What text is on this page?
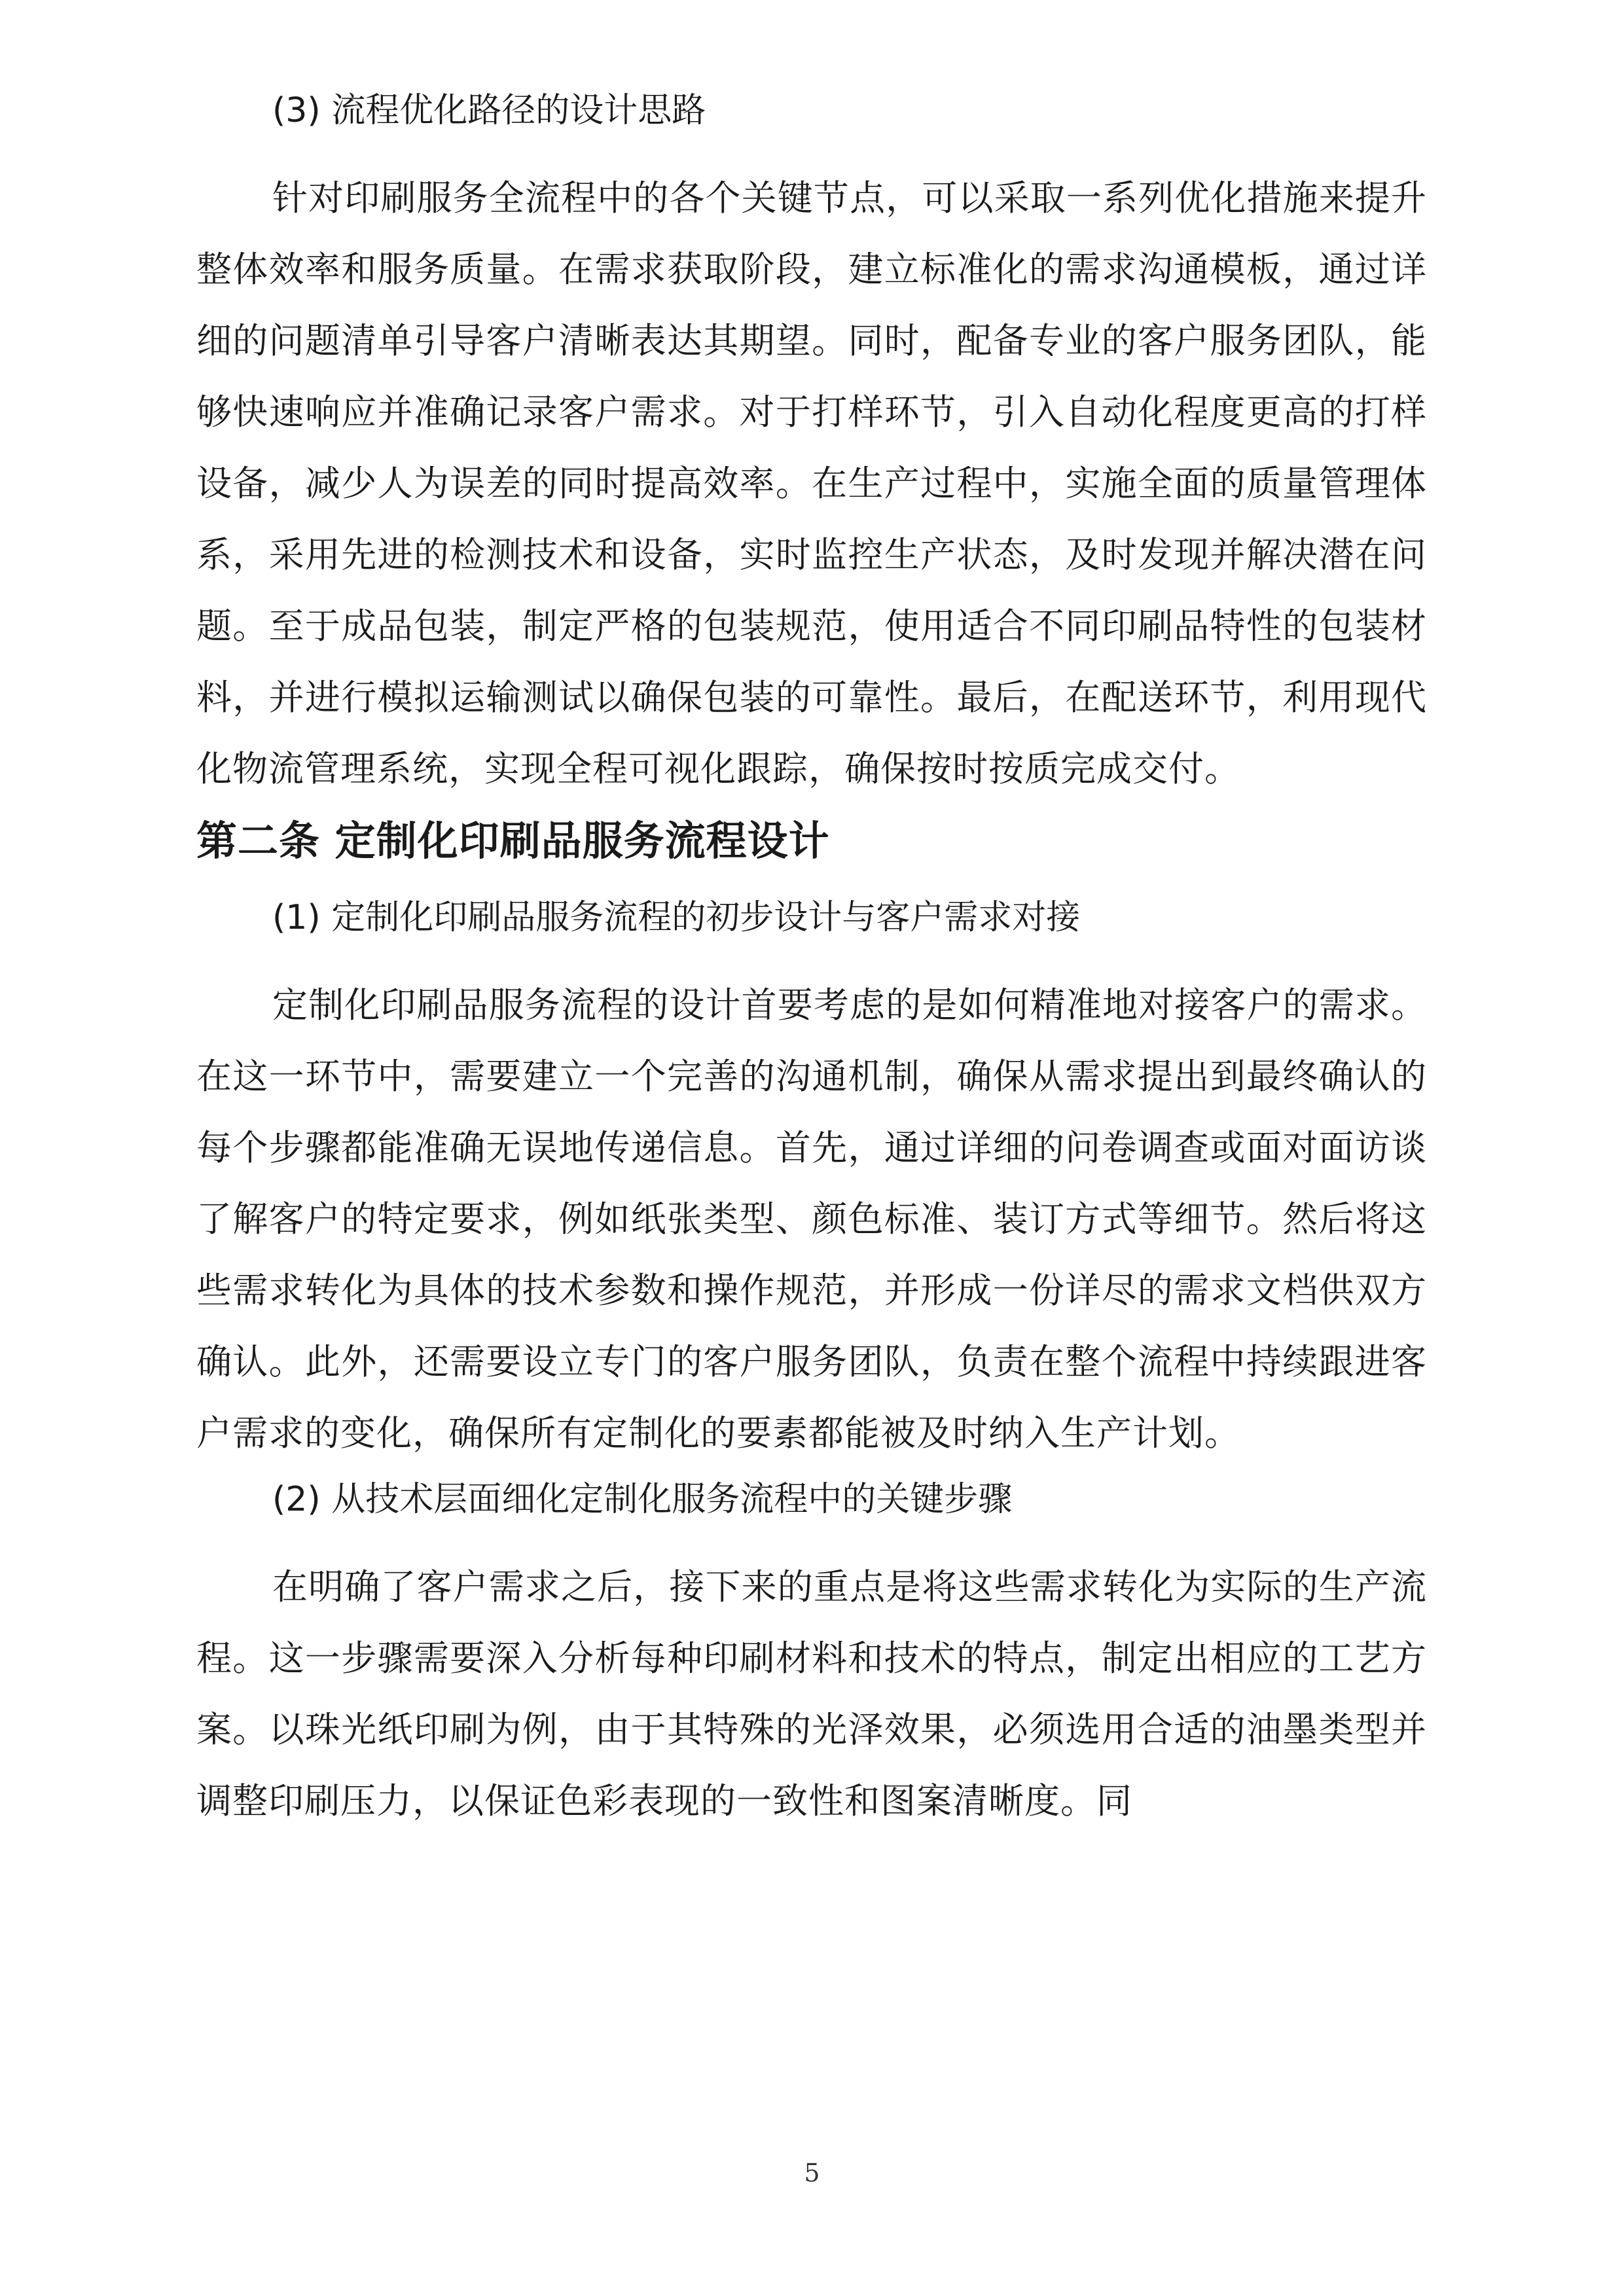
(3) 流程优化路径的设计思路

针对印刷服务全流程中的各个关键节点，可以采取一系列优化措施来提升整体效率和服务质量。在需求获取阶段，建立标准化的需求沟通模板，通过详细的问题清单引导客户清晰表达其期望。同时，配备专业的客户服务团队，能够快速响应并准确记录客户需求。对于打样环节，引入自动化程度更高的打样设备，减少人为误差的同时提高效率。在生产过程中，实施全面的质量管理体系，采用先进的检测技术和设备，实时监控生产状态，及时发现并解决潜在问题。至于成品包装，制定严格的包装规范，使用适合不同印刷品特性的包装材料，并进行模拟运输测试以确保包装的可靠性。最后，在配送环节，利用现代化物流管理系统，实现全程可视化跟踪，确保按时按质完成交付。

第二条 定制化印刷品服务流程设计
(1) 定制化印刷品服务流程的初步设计与客户需求对接

定制化印刷品服务流程的设计首要考虑的是如何精准地对接客户的需求。在这一环节中，需要建立一个完善的沟通机制，确保从需求提出到最终确认的每个步骤都能准确无误地传递信息。首先，通过详细的问卷调查或面对面访谈了解客户的特定要求，例如纸张类型、颜色标准、装订方式等细节。然后将这些需求转化为具体的技术参数和操作规范，并形成一份详尽的需求文档供双方确认。此外，还需要设立专门的客户服务团队，负责在整个流程中持续跟进客户需求的变化，确保所有定制化的要素都能被及时纳入生产计划。

(2) 从技术层面细化定制化服务流程中的关键步骤

在明确了客户需求之后，接下来的重点是将这些需求转化为实际的生产流程。这一步骤需要深入分析每种印刷材料和技术的特点，制定出相应的工艺方案。以珠光纸印刷为例，由于其特殊的光泽效果，必须选用合适的油墨类型并调整印刷压力，以保证色彩表现的一致性和图案清晰度。同

5
